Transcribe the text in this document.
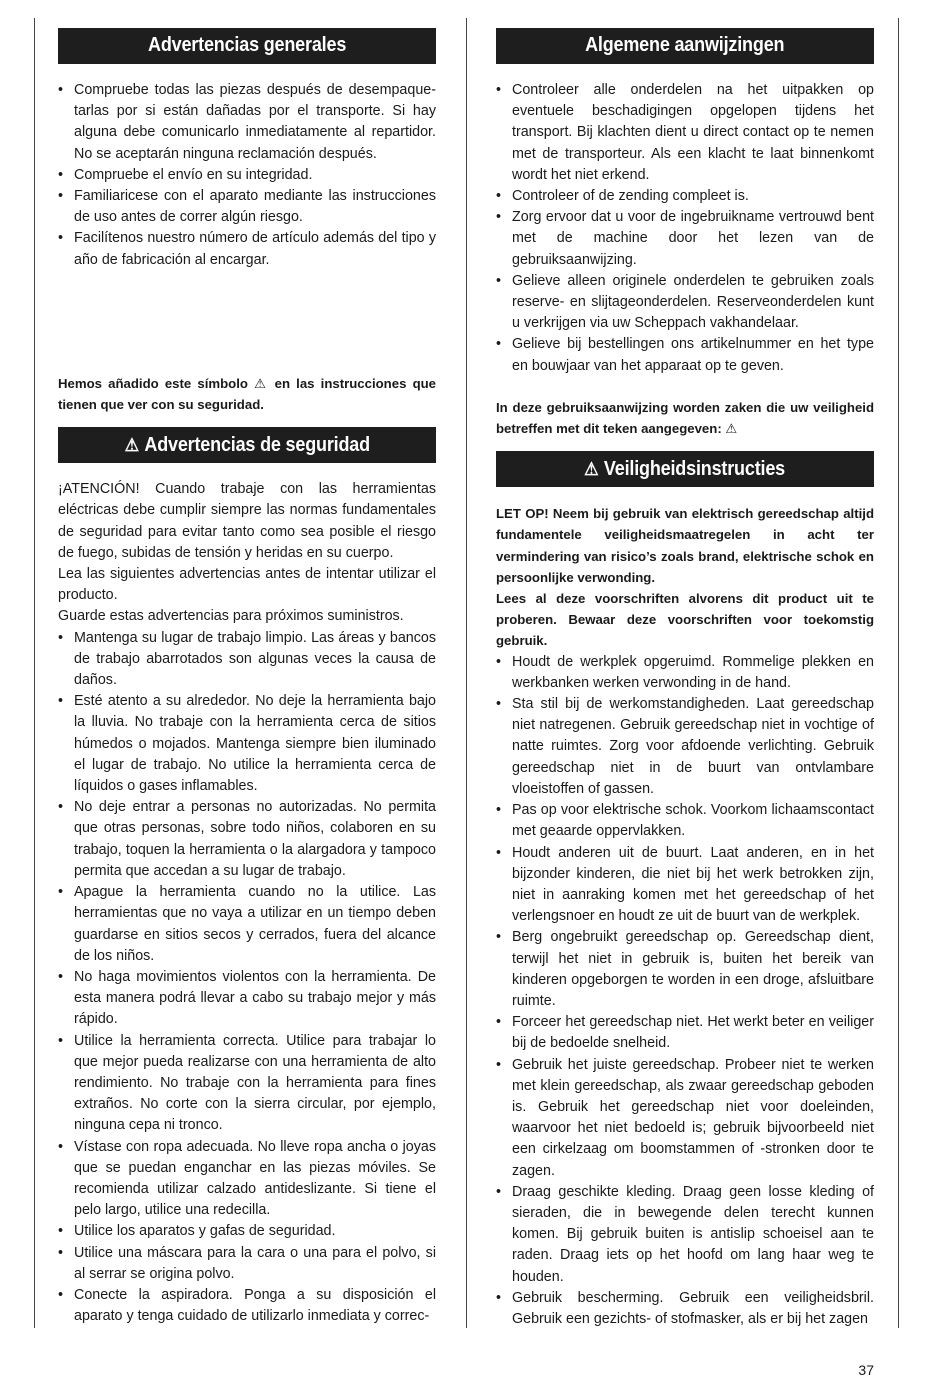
Advertencias generales
• Compruebe todas las piezas después de desempaque-tarlas por si están dañadas por el transporte. Si hay alguna debe comunicarlo inmediatamente al repartidor. No se aceptarán ninguna reclamación después.
• Compruebe el envío en su integridad.
• Familiaricese con el aparato mediante las instrucciones de uso antes de correr algún riesgo.
• Facilítenos nuestro número de artículo además del tipo y año de fabricación al encargar.

Hemos añadido este símbolo ⚠ en las instrucciones que tienen que ver con su seguridad.

⚠ Advertencias de seguridad

¡ATENCIÓN! Cuando trabaje con las herramientas eléctricas debe cumplir siempre las normas fundamentales de seguridad para evitar tanto como sea posible el riesgo de fuego, subidas de tensión y heridas en su cuerpo.

Lea las siguientes advertencias antes de intentar utilizar el producto.

Guarde estas advertencias para próximos suministros.

• Mantenga su lugar de trabajo limpio. Las áreas y bancos de trabajo abarrotados son algunas veces la causa de daños.
• Esté atento a su alrededor. No deje la herramienta bajo la lluvia. No trabaje con la herramienta cerca de sitios húmedos o mojados. Mantenga siempre bien iluminado el lugar de trabajo. No utilice la herramienta cerca de líquidos o gases inflamables.
• No deje entrar a personas no autorizadas. No permita que otras personas, sobre todo niños, colaboren en su trabajo, toquen la herramienta o la alargadora y tampoco permita que accedan a su lugar de trabajo.
• Apague la herramienta cuando no la utilice. Las herramientas que no vaya a utilizar en un tiempo deben guardarse en sitios secos y cerrados, fuera del alcance de los niños.
• No haga movimientos violentos con la herramienta. De esta manera podrá llevar a cabo su trabajo mejor y más rápido.
• Utilice la herramienta correcta. Utilice para trabajar lo que mejor pueda realizarse con una herramienta de alto rendimiento. No trabaje con la herramienta para fines extraños. No corte con la sierra circular, por ejemplo, ninguna cepa ni tronco.
• Vístase con ropa adecuada. No lleve ropa ancha o joyas que se puedan enganchar en las piezas móviles. Se recomienda utilizar calzado antideslizante. Si tiene el pelo largo, utilice una redecilla.
• Utilice los aparatos y gafas de seguridad.
• Utilice una máscara para la cara o una para el polvo, si al serrar se origina polvo.
• Conecte la aspiradora. Ponga a su disposición el aparato y tenga cuidado de utilizarlo inmediata y correc-
Algemene aanwijzingen
• Controleer alle onderdelen na het uitpakken op eventuele beschadigingen opgelopen tijdens het transport. Bij klachten dient u direct contact op te nemen met de transporteur. Als een klacht te laat binnenkomt wordt het niet erkend.
• Controleer of de zending compleet is.
• Zorg ervoor dat u voor de ingebruikname vertrouwd bent met de machine door het lezen van de gebruiksaanwijzing.
• Gelieve alleen originele onderdelen te gebruiken zoals reserve- en slijtageonderdelen. Reserveonderdelen kunt u verkrijgen via uw Scheppach vakhandelaar.
• Gelieve bij bestellingen ons artikelnummer en het type en bouwjaar van het apparaat op te geven.

In deze gebruiksaanwijzing worden zaken die uw veiligheid betreffen met dit teken aangegeven: ⚠

⚠ Veiligheidsinstructies

LET OP! Neem bij gebruik van elektrisch gereedschap altijd fundamentele veiligheidsmaatregelen in acht ter vermindering van risico’s zoals brand, elektrische schok en persoonlijke verwonding.

Lees al deze voorschriften alvorens dit product uit te proberen. Bewaar deze voorschriften voor toekomstig gebruik.

• Houdt de werkplek opgeruimd. Rommelige plekken en werkbanken werken verwonding in de hand.
• Sta stil bij de werkomstandigheden. Laat gereedschap niet natregenen. Gebruik gereedschap niet in vochtige of natte ruimtes. Zorg voor afdoende verlichting. Gebruik gereedschap niet in de buurt van ontvlambare vloeistoffen of gassen.
• Pas op voor elektrische schok. Voorkom lichaamscontact met geaarde oppervlakken.
• Houdt anderen uit de buurt. Laat anderen, en in het bijzonder kinderen, die niet bij het werk betrokken zijn, niet in aanraking komen met het gereedschap of het verlengsnoer en houdt ze uit de buurt van de werkplek.
• Berg ongebruikt gereedschap op. Gereedschap dient, terwijl het niet in gebruik is, buiten het bereik van kinderen opgeborgen te worden in een droge, afsluitbare ruimte.
• Forceer het gereedschap niet. Het werkt beter en veiliger bij de bedoelde snelheid.
• Gebruik het juiste gereedschap. Probeer niet te werken met klein gereedschap, als zwaar gereedschap geboden is. Gebruik het gereedschap niet voor doeleinden, waarvoor het niet bedoeld is; gebruik bijvoorbeeld niet een cirkelzaag om boomstammen of -stronken door te zagen.
• Draag geschikte kleding. Draag geen losse kleding of sieraden, die in bewegende delen terecht kunnen komen. Bij gebruik buiten is antislip schoeisel aan te raden. Draag iets op het hoofd om lang haar weg te houden.
• Gebruik bescherming. Gebruik een veiligheidsbril. Gebruik een gezichts- of stofmasker, als er bij het zagen
37
